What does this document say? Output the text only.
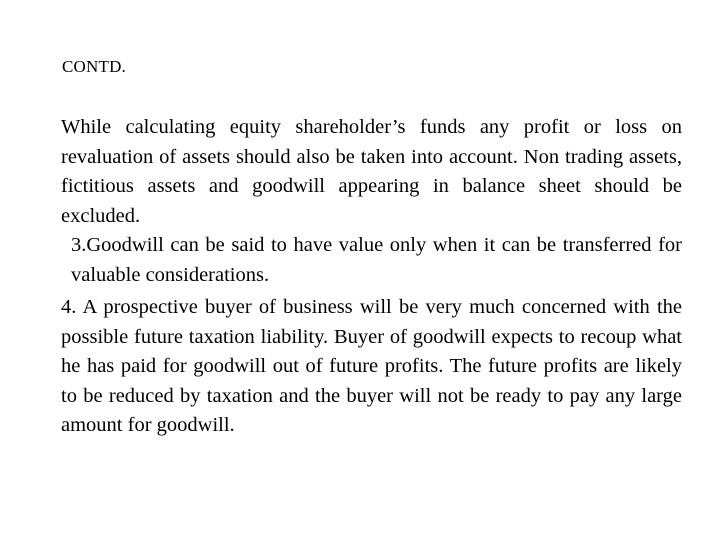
CONTD.

While calculating equity shareholder’s funds any profit or loss on revaluation of assets should also be taken into account. Non trading assets, fictitious assets and goodwill appearing in balance sheet should be excluded.

3.Goodwill can be said to have value only when it can be transferred for valuable considerations.

4. A prospective buyer of business will be very much concerned with the possible future taxation liability. Buyer of goodwill expects to recoup what he has paid for goodwill out of future profits. The future profits are likely to be reduced by taxation and the buyer will not be ready to pay any large amount for goodwill.
